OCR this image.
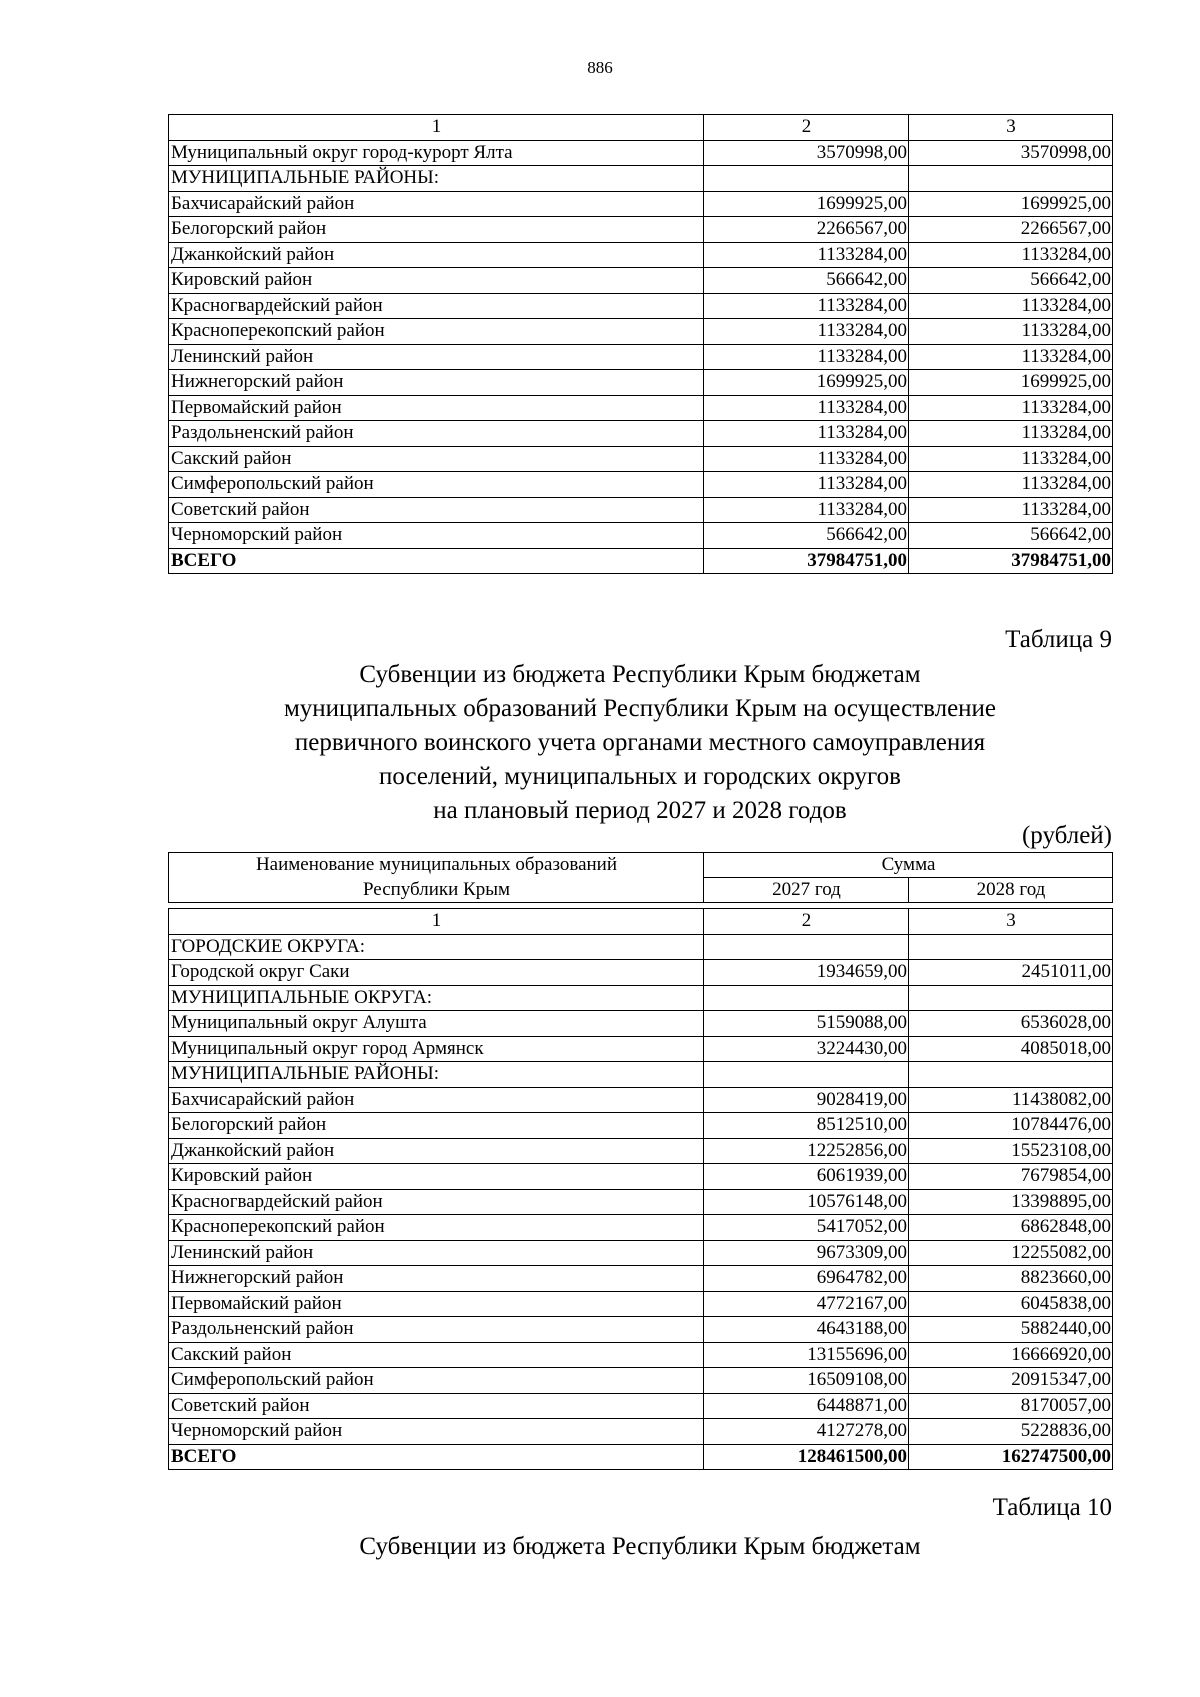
886
1	2	3
Муниципальный округ город-курорт Ялта	3570998,00	3570998,00
МУНИЦИПАЛЬНЫЕ РАЙОНЫ:		
Бахчисарайский район	1699925,00	1699925,00
Белогорский район	2266567,00	2266567,00
Джанкойский район	1133284,00	1133284,00
Кировский район	566642,00	566642,00
Красногвардейский район	1133284,00	1133284,00
Красноперекопский район	1133284,00	1133284,00
Ленинский район	1133284,00	1133284,00
Нижнегорский район	1699925,00	1699925,00
Первомайский район	1133284,00	1133284,00
Раздольненский район	1133284,00	1133284,00
Сакский район	1133284,00	1133284,00
Симферопольский район	1133284,00	1133284,00
Советский район	1133284,00	1133284,00
Черноморский район	566642,00	566642,00
ВСЕГО	37984751,00	37984751,00
Таблица 9
Субвенции из бюджета Республики Крым бюджетам
муниципальных образований Республики Крым на осуществление
первичного воинского учета органами местного самоуправления
поселений, муниципальных и городских округов
на плановый период 2027 и 2028 годов
(рублей)
Наименование муниципальных образований	Сумма	
Республики Крым	2027 год	2028 год
1	2	3
ГОРОДСКИЕ ОКРУГА:		
Городской округ Саки	1934659,00	2451011,00
МУНИЦИПАЛЬНЫЕ ОКРУГА:		
Муниципальный округ Алушта	5159088,00	6536028,00
Муниципальный округ город Армянск	3224430,00	4085018,00
МУНИЦИПАЛЬНЫЕ РАЙОНЫ:		
Бахчисарайский район	9028419,00	11438082,00
Белогорский район	8512510,00	10784476,00
Джанкойский район	12252856,00	15523108,00
Кировский район	6061939,00	7679854,00
Красногвардейский район	10576148,00	13398895,00
Красноперекопский район	5417052,00	6862848,00
Ленинский район	9673309,00	12255082,00
Нижнегорский район	6964782,00	8823660,00
Первомайский район	4772167,00	6045838,00
Раздольненский район	4643188,00	5882440,00
Сакский район	13155696,00	16666920,00
Симферопольский район	16509108,00	20915347,00
Советский район	6448871,00	8170057,00
Черноморский район	4127278,00	5228836,00
ВСЕГО	128461500,00	162747500,00
Таблица 10
Субвенции из бюджета Республики Крым бюджетам
